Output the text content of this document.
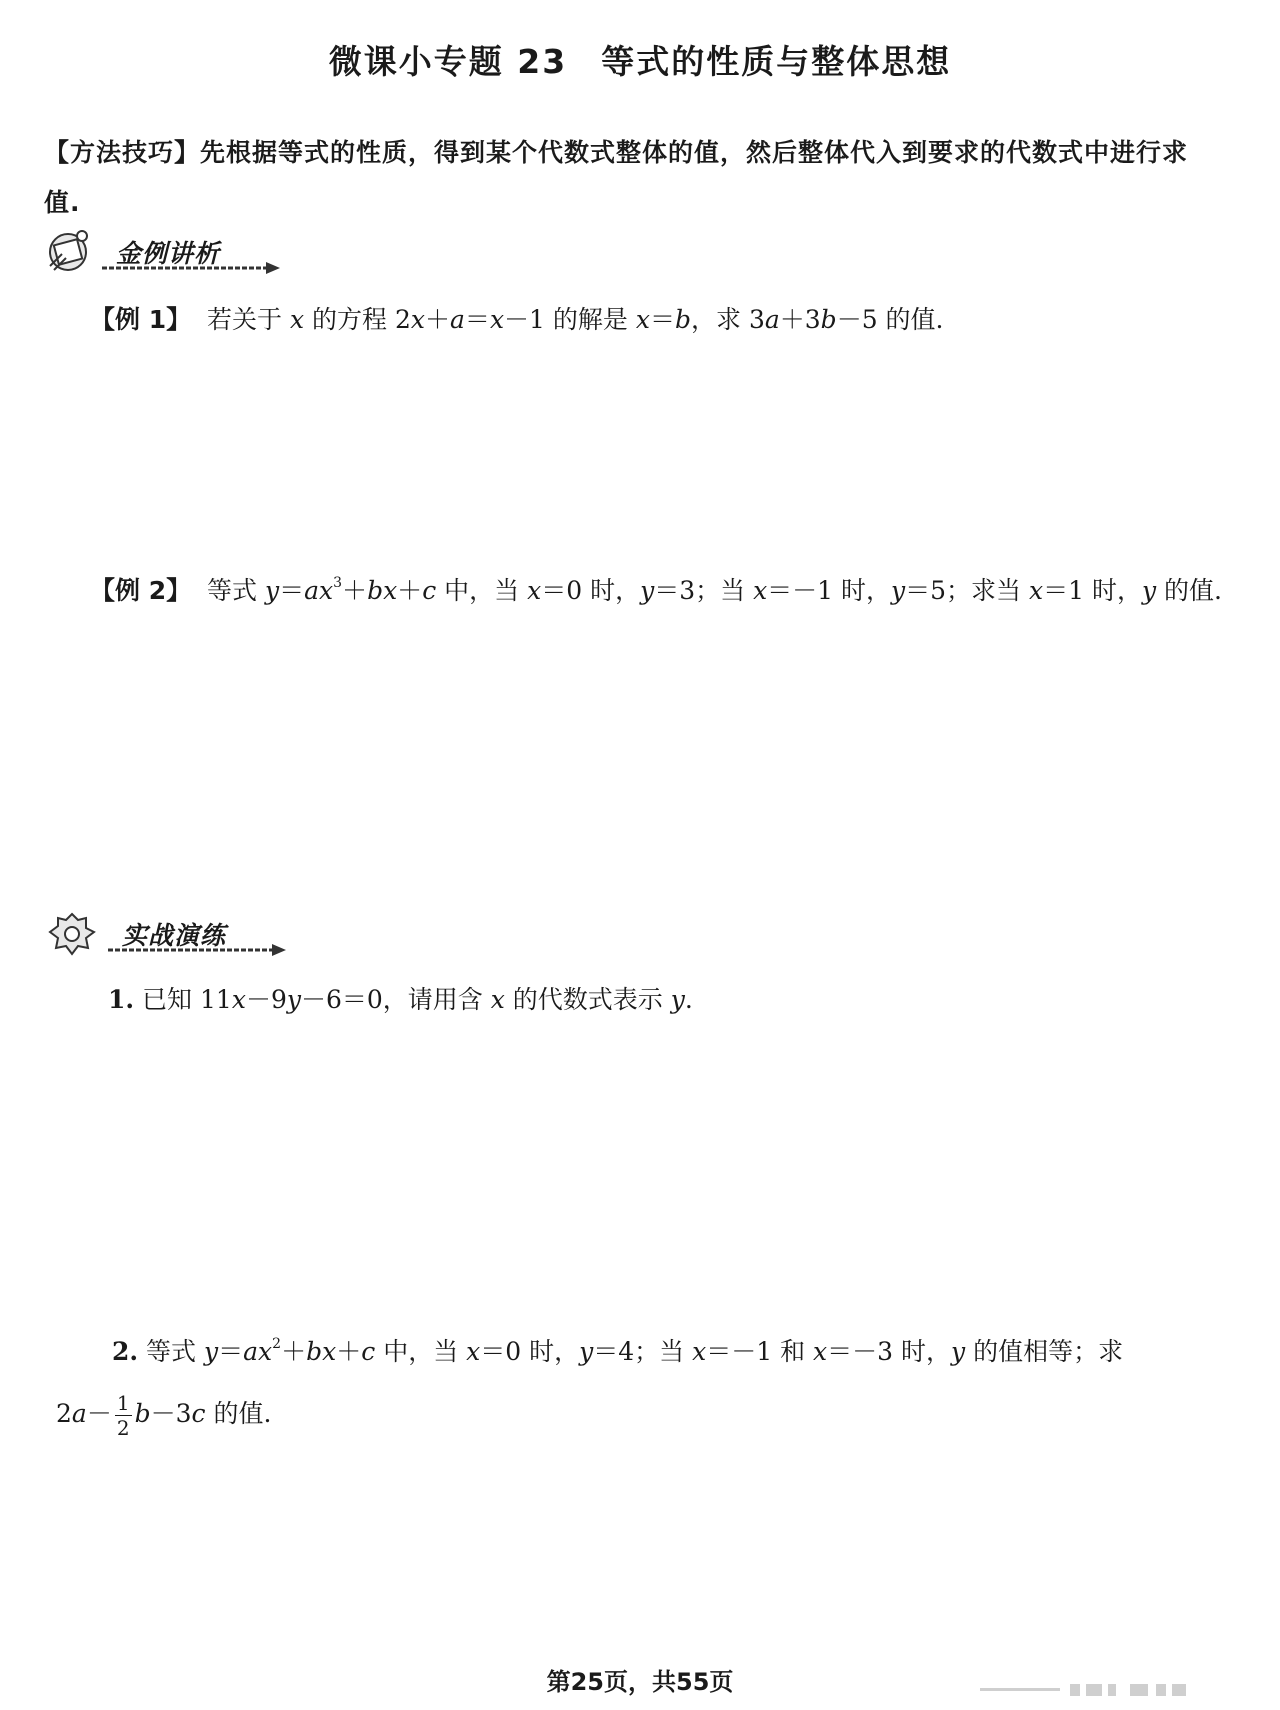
微课小专题 23 等式的性质与整体思想
【方法技巧】先根据等式的性质，得到某个代数式整体的值，然后整体代入到要求的代数式中进行求值.
金例讲析
【例 1】 若关于 x 的方程 2x＋a＝x－1 的解是 x＝b，求 3a＋3b－5 的值.
【例 2】 等式 $y=ax^3+bx+c$ 中，当 x＝0 时，y＝3；当 x＝－1 时，y＝5；求当 x＝1 时，y 的值.
实战演练
1. 已知 11x－9y－6＝0，请用含 x 的代数式表示 y.
2. 等式 $y=ax^2+bx+c$ 中，当 x＝0 时，y＝4；当 x＝－1 和 x＝－3 时，y 的值相等；求
$2a- \frac{1}{2} b-3c$ 的值.
第25页，共55页
